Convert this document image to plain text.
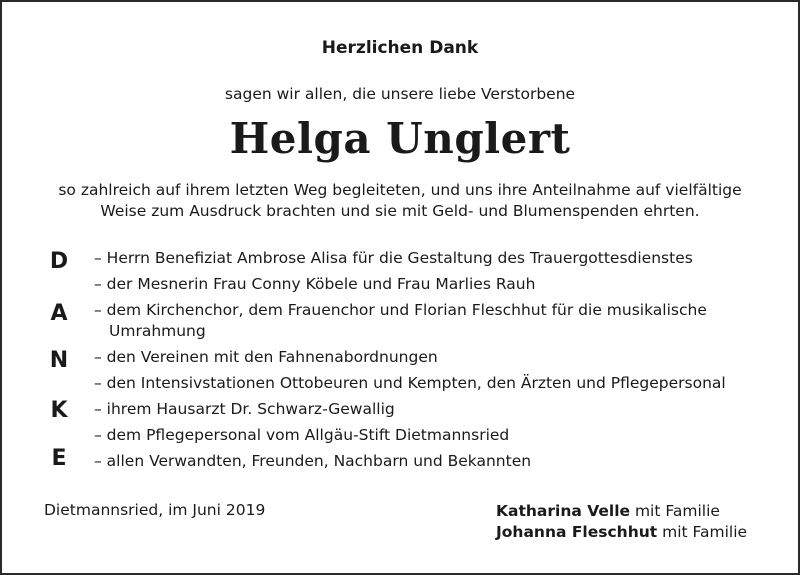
Herzlichen Dank
sagen wir allen, die unsere liebe Verstorbene
Helga Unglert
so zahlreich auf ihrem letzten Weg begleiteten, und uns ihre Anteilnahme auf vielfältige
Weise zum Ausdruck brachten und sie mit Geld- und Blumenspenden ehrten.
D
A
N
K
E
– Herrn Benefiziat Ambrose Alisa für die Gestaltung des Trauergottesdienstes
– der Mesnerin Frau Conny Köbele und Frau Marlies Rauh
– dem Kirchenchor, dem Frauenchor und Florian Fleschhut für die musikalische Umrahmung
– den Vereinen mit den Fahnenabordnungen
– den Intensivstationen Ottobeuren und Kempten, den Ärzten und Pflegepersonal
– ihrem Hausarzt Dr. Schwarz-Gewallig
– dem Pflegepersonal vom Allgäu-Stift Dietmannsried
– allen Verwandten, Freunden, Nachbarn und Bekannten
Dietmannsried, im Juni 2019	Katharina Velle mit Familie
Johanna Fleschhut mit Familie
